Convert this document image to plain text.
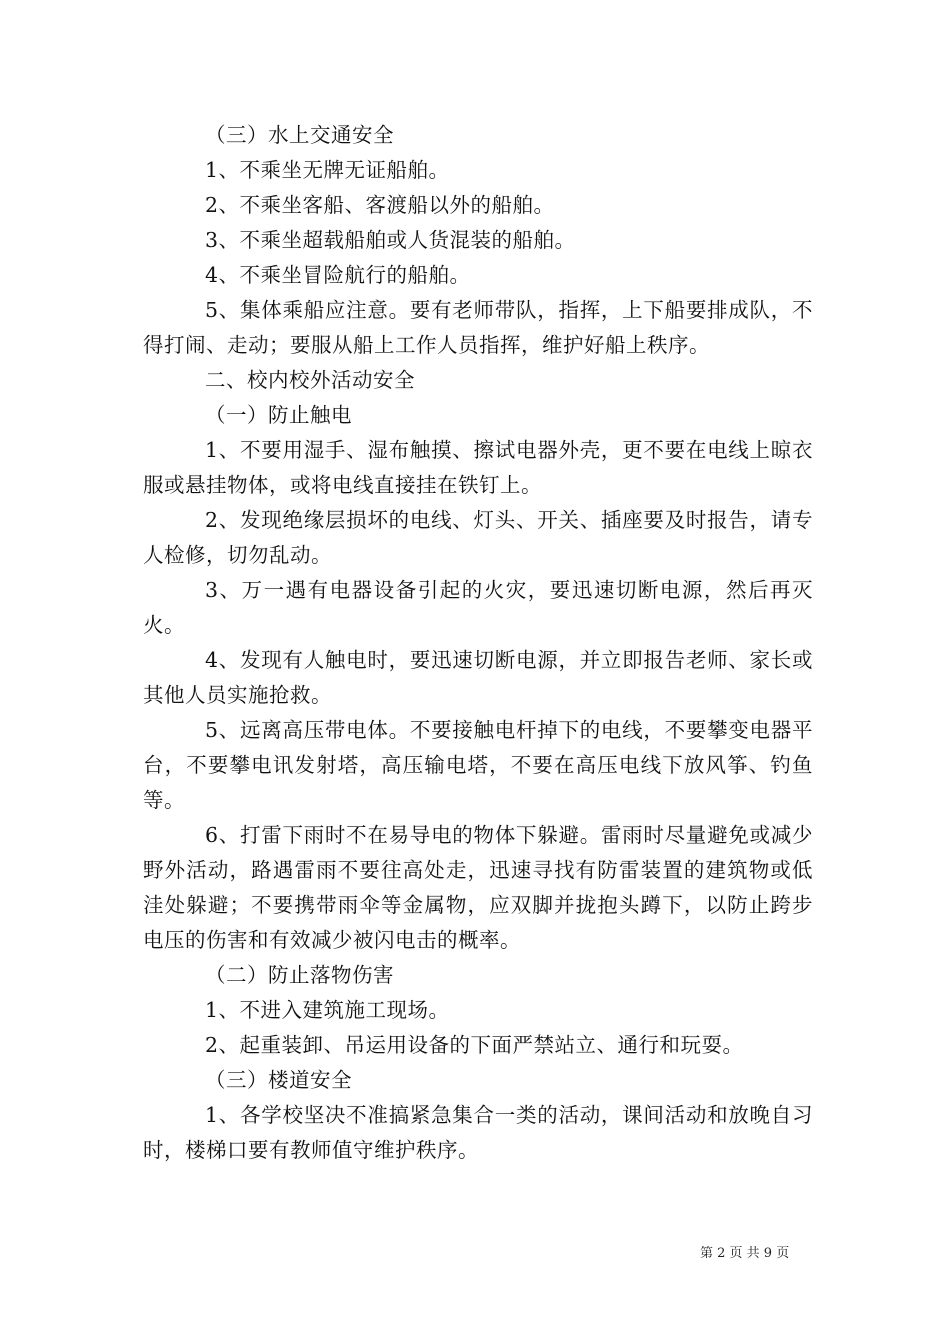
（三）水上交通安全

1、不乘坐无牌无证船舶。

2、不乘坐客船、客渡船以外的船舶。

3、不乘坐超载船舶或人货混装的船舶。

4、不乘坐冒险航行的船舶。

5、集体乘船应注意。要有老师带队，指挥，上下船要排成队，不得打闹、走动；要服从船上工作人员指挥，维护好船上秩序。

二、校内校外活动安全

（一）防止触电

1、不要用湿手、湿布触摸、擦试电器外壳，更不要在电线上晾衣服或悬挂物体，或将电线直接挂在铁钉上。

2、发现绝缘层损坏的电线、灯头、开关、插座要及时报告，请专人检修，切勿乱动。

3、万一遇有电器设备引起的火灾，要迅速切断电源，然后再灭火。

4、发现有人触电时，要迅速切断电源，并立即报告老师、家长或其他人员实施抢救。

5、远离高压带电体。不要接触电杆掉下的电线，不要攀变电器平台，不要攀电讯发射塔，高压输电塔，不要在高压电线下放风筝、钓鱼等。

6、打雷下雨时不在易导电的物体下躲避。雷雨时尽量避免或减少野外活动，路遇雷雨不要往高处走，迅速寻找有防雷装置的建筑物或低洼处躲避；不要携带雨伞等金属物，应双脚并拢抱头蹲下，以防止跨步电压的伤害和有效减少被闪电击的概率。

（二）防止落物伤害

1、不进入建筑施工现场。

2、起重装卸、吊运用设备的下面严禁站立、通行和玩耍。

（三）楼道安全

1、各学校坚决不准搞紧急集合一类的活动，课间活动和放晚自习时，楼梯口要有教师值守维护秩序。

第 2 页 共 9 页
